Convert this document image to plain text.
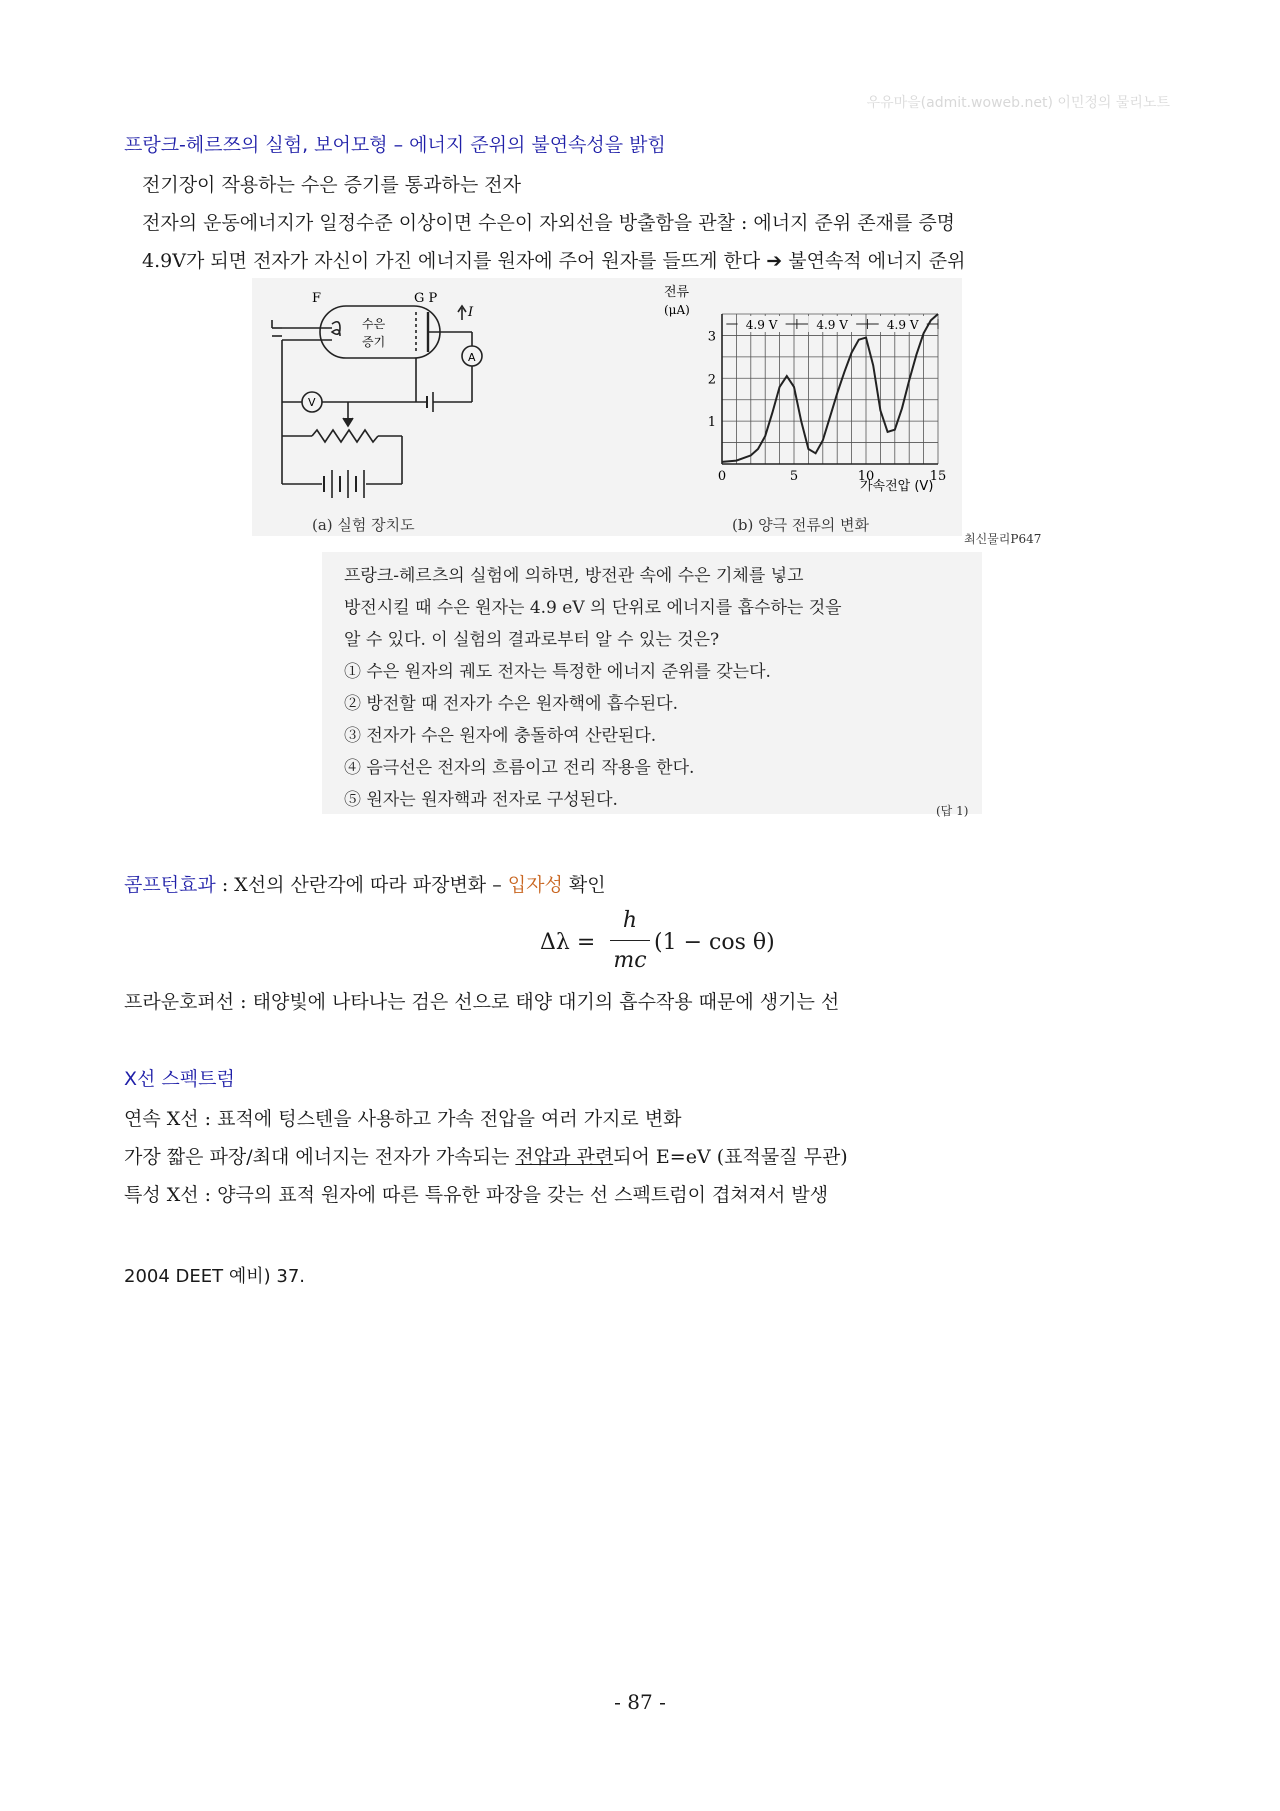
우유마을(admit.woweb.net) 이민정의 물리노트
프랑크-헤르쯔의 실험, 보어모형 – 에너지 준위의 불연속성을 밝힘
전기장이 작용하는 수은 증기를 통과하는 전자
전자의 운동에너지가 일정수준 이상이면 수은이 자외선을 방출함을 관찰 : 에너지 준위 존재를 증명
4.9V가 되면 전자가 자신이 가진 에너지를 원자에 주어 원자를 들뜨게 한다 ➔ 불연속적 에너지 준위
F	G P
수은
증기
I
A
V
(a) 실험 장치도
0	5	10	15
1
2
3
4.9 V	4.9 V	4.9 V
전류
(μA)
가속전압 (V)
(b) 양극 전류의 변화
최신물리P647
프랑크-헤르츠의 실험에 의하면, 방전관 속에 수은 기체를 넣고
방전시킬 때 수은 원자는 4.9 eV 의 단위로 에너지를 흡수하는 것을
알 수 있다. 이 실험의 결과로부터 알 수 있는 것은?
① 수은 원자의 궤도 전자는 특정한 에너지 준위를 갖는다.
② 방전할 때 전자가 수은 원자핵에 흡수된다.
③ 전자가 수은 원자에 충돌하여 산란된다.
④ 음극선은 전자의 흐름이고 전리 작용을 한다.
⑤ 원자는 원자핵과 전자로 구성된다.
(답 1)
콤프턴효과 : X선의 산란각에 따라 파장변화 – 입자성 확인
Δλ =
h
mc
(1 − cos θ)
프라운호퍼선 : 태양빛에 나타나는 검은 선으로 태양 대기의 흡수작용 때문에 생기는 선
X선 스펙트럼
연속 X선 : 표적에 텅스텐을 사용하고 가속 전압을 여러 가지로 변화
가장 짧은 파장/최대 에너지는 전자가 가속되는 전압과 관련되어 E=eV (표적물질 무관)
특성 X선 : 양극의 표적 원자에 따른 특유한 파장을 갖는 선 스펙트럼이 겹쳐져서 발생
2004 DEET 예비) 37.
- 87 -
